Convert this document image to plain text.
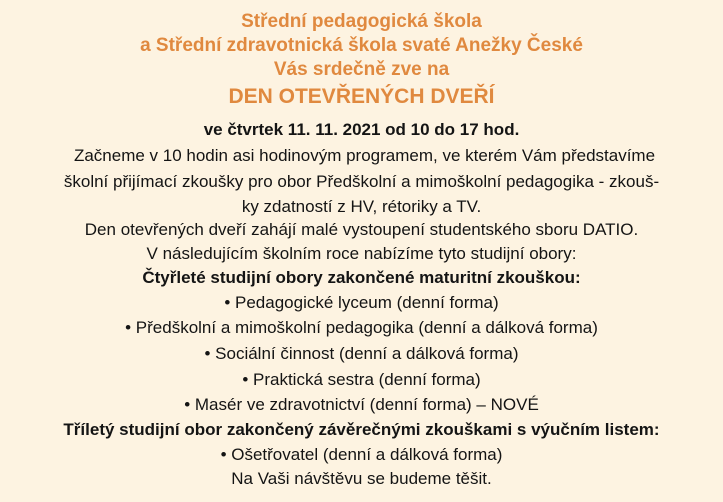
Střední pedagogická škola
a Střední zdravotnická škola svaté Anežky České
Vás srdečně zve na
DEN OTEVŘENÝCH DVEŘÍ
ve čtvrtek 11. 11. 2021 od 10 do 17 hod.
Začneme v 10 hodin asi hodinovým programem, ve kterém Vám představíme
školní přijímací zkoušky pro obor Předškolní a mimoškolní pedagogika - zkouš-
ky zdatností z HV, rétoriky a TV.
Den otevřených dveří zahájí malé vystoupení studentského sboru DATIO.
V následujícím školním roce nabízíme tyto studijní obory:
Čtyřleté studijní obory zakončené maturitní zkouškou:
• Pedagogické lyceum (denní forma)
• Předškolní a mimoškolní pedagogika (denní a dálková forma)
• Sociální činnost (denní a dálková forma)
• Praktická sestra (denní forma)
• Masér ve zdravotnictví (denní forma) – NOVÉ
Tříletý studijní obor zakončený závěrečnými zkouškami s výučním listem:
• Ošetřovatel (denní a dálková forma)
Na Vaši návštěvu se budeme těšit.
